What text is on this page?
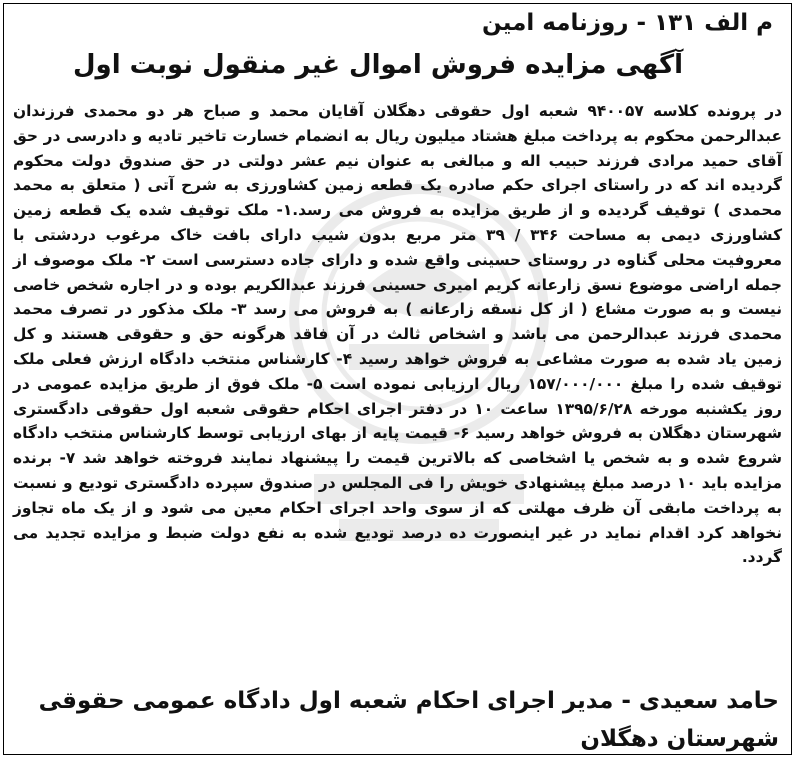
م الف ۱۳۱ - روزنامه امین
آگهی مزایده فروش اموال غیر منقول نوبت اول

در پرونده کلاسه ۹۴۰۰۵۷ شعبه اول حقوقی دهگلان آقایان محمد و صباح هر دو محمدی فرزندان عبدالرحمن محکوم به پرداخت مبلغ هشتاد میلیون ریال به انضمام خسارت تاخیر تادیه و دادرسی در حق آقای حمید مرادی فرزند حبیب اله و مبالغی به عنوان نیم عشر دولتی در حق صندوق دولت محکوم گردیده اند که در راستای اجرای حکم صادره یک قطعه زمین کشاورزی به شرح آتی ( متعلق به محمد محمدی ) توقیف گردیده و از طریق مزایده به فروش می رسد.۱- ملک توقیف شده یک قطعه زمین کشاورزی دیمی به مساحت ۳۴۶ / ۳۹ متر مربع بدون شیب دارای بافت خاک مرغوب دردشتی با معروفیت محلی گناوه در روستای حسینی واقع شده و دارای جاده دسترسی است ۲- ملک موصوف از جمله اراضی موضوع نسق زارعانه کریم امیری حسینی فرزند عبدالکریم بوده و در اجاره شخص خاصی نیست و به صورت مشاع ( از کل نسقه زارعانه ) به فروش می رسد ۳- ملک مذکور در تصرف محمد محمدی فرزند عبدالرحمن می باشد و اشخاص ثالث در آن فاقد هرگونه حق و حقوقی هستند و کل زمین یاد شده به صورت مشاعی به فروش خواهد رسید ۴- کارشناس منتخب دادگاه ارزش فعلی ملک توقیف شده را مبلغ ۱۵۷/۰۰۰/۰۰۰ ریال ارزیابی نموده است ۵- ملک فوق از طریق مزایده عمومی در روز یکشنبه مورخه ۱۳۹۵/۶/۲۸ ساعت ۱۰ در دفتر اجرای احکام حقوقی شعبه اول حقوقی دادگستری شهرستان دهگلان به فروش خواهد رسید ۶- قیمت پایه از بهای ارزیابی توسط کارشناس منتخب دادگاه شروع شده و به شخص یا اشخاصی که بالاترین قیمت را پیشنهاد نمایند فروخته خواهد شد ۷- برنده مزایده باید ۱۰ درصد مبلغ پیشنهادی خویش را فی المجلس در صندوق سپرده دادگستری تودیع و نسبت به پرداخت مابقی آن ظرف مهلتی که از سوی واحد اجرای احکام معین می شود و از یک ماه تجاوز نخواهد کرد اقدام نماید در غیر اینصورت ده درصد تودیع شده به نفع دولت ضبط و مزایده تجدید می گردد.

حامد سعیدی - مدیر اجرای احکام شعبه اول دادگاه عمومی حقوقی شهرستان دهگلان
